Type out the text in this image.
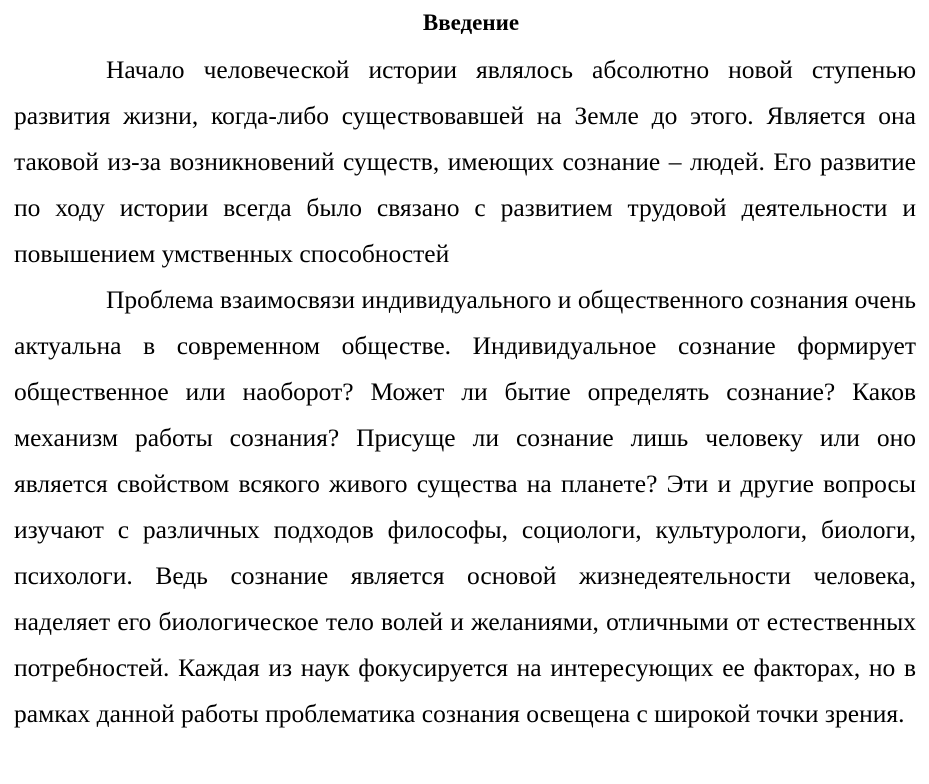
Введение

Начало человеческой истории являлось абсолютно новой ступенью развития жизни, когда-либо существовавшей на Земле до этого. Является она таковой из-за возникновений существ, имеющих сознание – людей. Его развитие по ходу истории всегда было связано с развитием трудовой деятельности и повышением умственных способностей

Проблема взаимосвязи индивидуального и общественного сознания очень актуальна в современном обществе. Индивидуальное сознание формирует общественное или наоборот? Может ли бытие определять сознание? Каков механизм работы сознания? Присуще ли сознание лишь человеку или оно является свойством всякого живого существа на планете? Эти и другие вопросы изучают с различных подходов философы, социологи, культурологи, биологи, психологи. Ведь сознание является основой жизнедеятельности человека, наделяет его биологическое тело волей и желаниями, отличными от естественных потребностей. Каждая из наук фокусируется на интересующих ее факторах, но в рамках данной работы проблематика сознания освещена с широкой точки зрения.
